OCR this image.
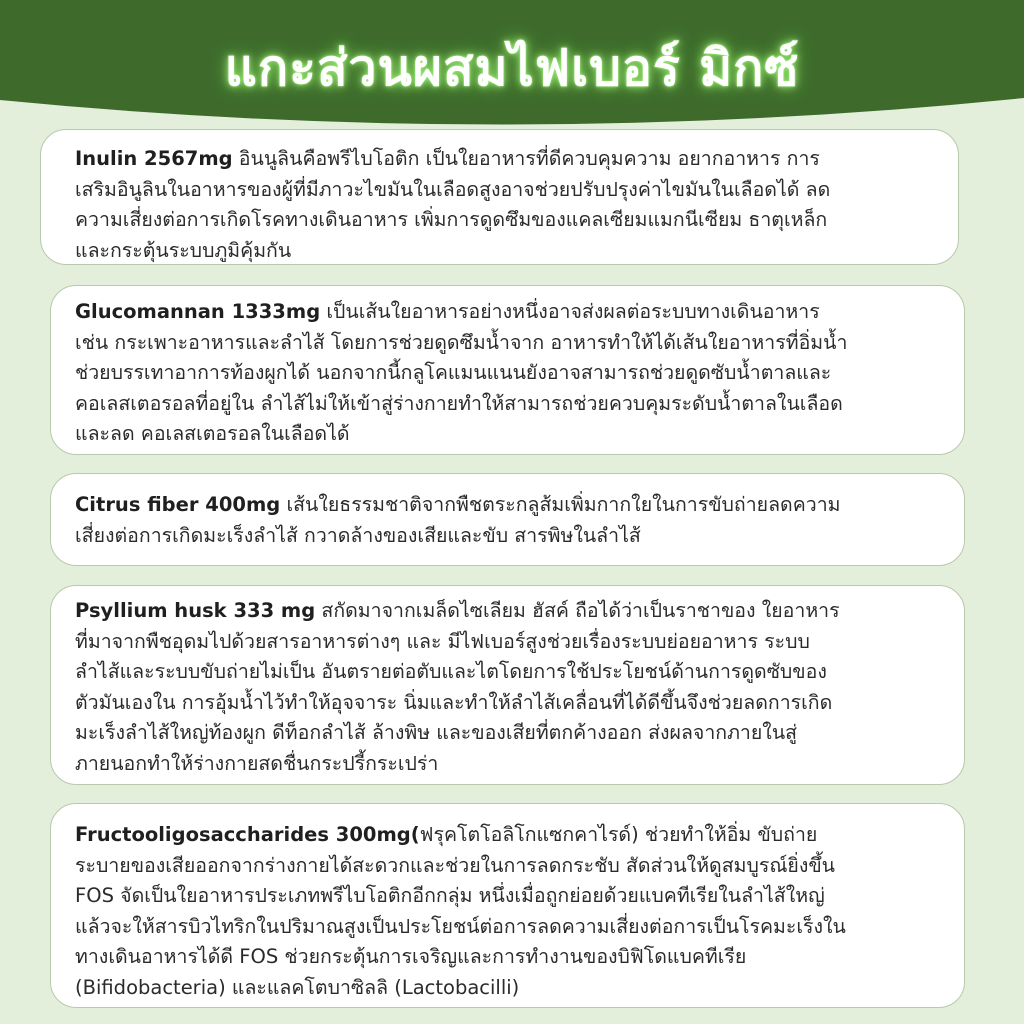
แกะส่วนผสมไฟเบอร์ มิกซ์

Inulin 2567mg อินนูลินคือพรีไบโอติก เป็นใยอาหารที่ดีควบคุมความ อยากอาหาร การ
เสริมอินูลินในอาหารของผู้ที่มีภาวะไขมันในเลือดสูงอาจช่วยปรับปรุงค่าไขมันในเลือดได้ ลด
ความเสี่ยงต่อการเกิดโรคทางเดินอาหาร เพิ่มการดูดซึมของแคลเซียมแมกนีเซียม ธาตุเหล็ก
และกระตุ้นระบบภูมิคุ้มกัน

Glucomannan 1333mg เป็นเส้นใยอาหารอย่างหนึ่งอาจส่งผลต่อระบบทางเดินอาหาร
เช่น กระเพาะอาหารและลำไส้ โดยการช่วยดูดซึมน้ำจาก อาหารทำให้ได้เส้นใยอาหารที่อิ่มน้ำ
ช่วยบรรเทาอาการท้องผูกได้ นอกจากนี้กลูโคแมนแนนยังอาจสามารถช่วยดูดซับน้ำตาลและ
คอเลสเตอรอลที่อยู่ใน ลำไส้ไม่ให้เข้าสู่ร่างกายทำให้สามารถช่วยควบคุมระดับน้ำตาลในเลือด
และลด คอเลสเตอรอลในเลือดได้

Citrus fiber 400mg เส้นใยธรรมชาติจากพืชตระกลูส้มเพิ่มกากใยในการขับถ่ายลดความ
เสี่ยงต่อการเกิดมะเร็งลำไส้ กวาดล้างของเสียและขับ สารพิษในลำไส้

Psyllium husk 333 mg สกัดมาจากเมล็ดไซเลียม ฮัสค์ ถือได้ว่าเป็นราชาของ ใยอาหาร
ที่มาจากพืชอุดมไปด้วยสารอาหารต่างๆ และ มีไฟเบอร์สูงช่วยเรื่องระบบย่อยอาหาร ระบบ
ลำไส้และระบบขับถ่ายไม่เป็น อันตรายต่อตับและไตโดยการใช้ประโยชน์ด้านการดูดซับของ
ตัวมันเองใน การอุ้มน้ำไว้ทำให้อุจจาระ นิ่มและทำให้ลำไส้เคลื่อนที่ได้ดีขึ้นจึงช่วยลดการเกิด
มะเร็งลำไส้ใหญ่ท้องผูก ดีท็อกลำไส้ ล้างพิษ และของเสียที่ตกค้างออก ส่งผลจากภายในสู่
ภายนอกทำให้ร่างกายสดชื่นกระปรี้กระเปร่า

Fructooligosaccharides 300mg(ฟรุคโตโอลิโกแซกคาไรด์) ช่วยทำให้อิ่ม ขับถ่าย
ระบายของเสียออกจากร่างกายได้สะดวกและช่วยในการลดกระชับ สัดส่วนให้ดูสมบูรณ์ยิ่งขึ้น
FOS จัดเป็นใยอาหารประเภทพรีไบโอติกอีกกลุ่ม หนึ่งเมื่อถูกย่อยด้วยแบคทีเรียในลำไส้ใหญ่
แล้วจะให้สารบิวไทริกในปริมาณสูงเป็นประโยชน์ต่อการลดความเสี่ยงต่อการเป็นโรคมะเร็งใน
ทางเดินอาหารได้ดี FOS ช่วยกระตุ้นการเจริญและการทำงานของบิฟิโดแบคทีเรีย
(Bifidobacteria) และแลคโตบาซิลลิ (Lactobacilli)
